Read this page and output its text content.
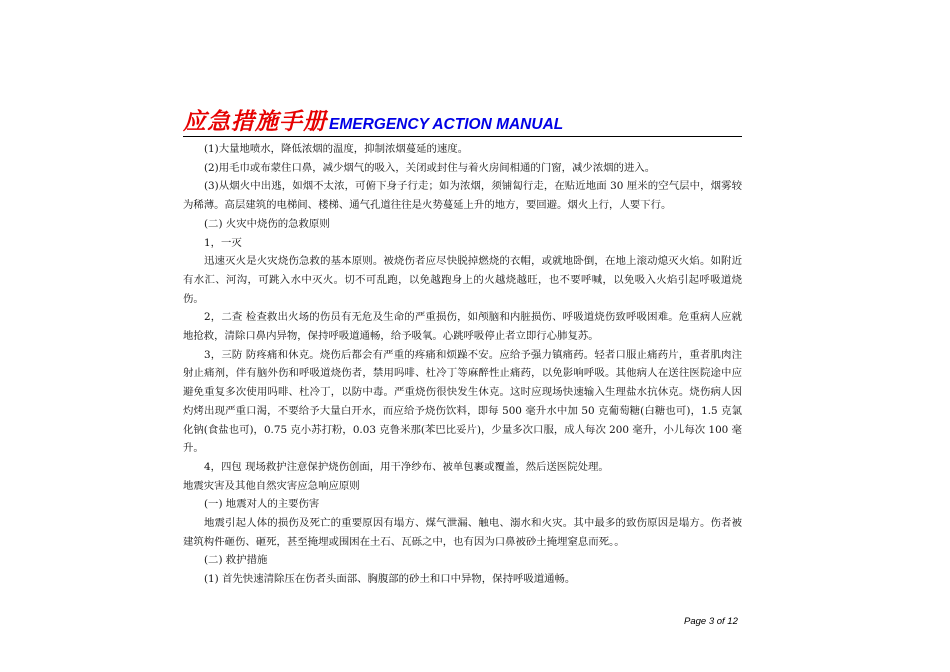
应急措施手册 EMERGENCY ACTION MANUAL

(1)大量地喷水，降低浓烟的温度，抑制浓烟蔓延的速度。

(2)用毛巾或布蒙住口鼻，减少烟气的吸入，关闭或封住与着火房间相通的门窗，减少浓烟的进入。

(3)从烟火中出逃，如烟不太浓，可俯下身子行走；如为浓烟，须铺匐行走，在贴近地面 30 厘米的空气层中，烟雾较为稀薄。高层建筑的电梯间、楼梯、通气孔道往往是火势蔓延上升的地方，要回避。烟火上行，人要下行。

(二) 火灾中烧伤的急救原则

1，一灭

迅速灭火是火灾烧伤急救的基本原则。被烧伤者应尽快脱掉燃烧的衣帽，或就地卧倒，在地上滚动熄灭火焰。如附近有水汇、河沟，可跳入水中灭火。切不可乱跑，以免越跑身上的火越烧越旺，也不要呼喊，以免吸入火焰引起呼吸道烧伤。

2，二查 检查救出火场的伤员有无危及生命的严重损伤，如颅脑和内脏损伤、呼吸道烧伤致呼吸困难。危重病人应就地抢救，清除口鼻内异物，保持呼吸道通畅，给予吸氧。心跳呼吸停止者立即行心肺复苏。

3，三防 防疼痛和休克。烧伤后都会有严重的疼痛和烦躁不安。应给予强力镇痛药。轻者口服止痛药片，重者肌肉注射止痛剂，伴有脑外伤和呼吸道烧伤者，禁用吗啡、杜冷丁等麻醉性止痛药，以免影响呼吸。其他病人在送往医院途中应避免重复多次使用吗啡、杜冷丁，以防中毒。严重烧伤很快发生休克。这时应现场快速输入生理盐水抗休克。烧伤病人因灼烤出现严重口渴，不要给予大量白开水，而应给予烧伤饮料，即每 500 毫升水中加 50 克葡萄糖(白糖也可)，1.5 克氯化钠(食盐也可)，0.75 克小苏打粉，0.03 克鲁米那(苯巴比妥片)，少量多次口服，成人每次 200 毫升，小儿每次 100 毫升。

4，四包 现场救护注意保护烧伤创面，用干净纱布、被单包裹或覆盖，然后送医院处理。

地震灾害及其他自然灾害应急响应原则

(一) 地震对人的主要伤害

地震引起人体的损伤及死亡的重要原因有塌方、煤气泄漏、触电、溺水和火灾。其中最多的致伤原因是塌方。伤者被建筑构件砸伤、砸死，甚至掩埋或围困在土石、瓦砾之中，也有因为口鼻被砂土掩埋窒息而死。。

(二) 救护措施

(1) 首先快速清除压在伤者头面部、胸腹部的砂土和口中异物，保持呼吸道通畅。

Page 3 of 12
